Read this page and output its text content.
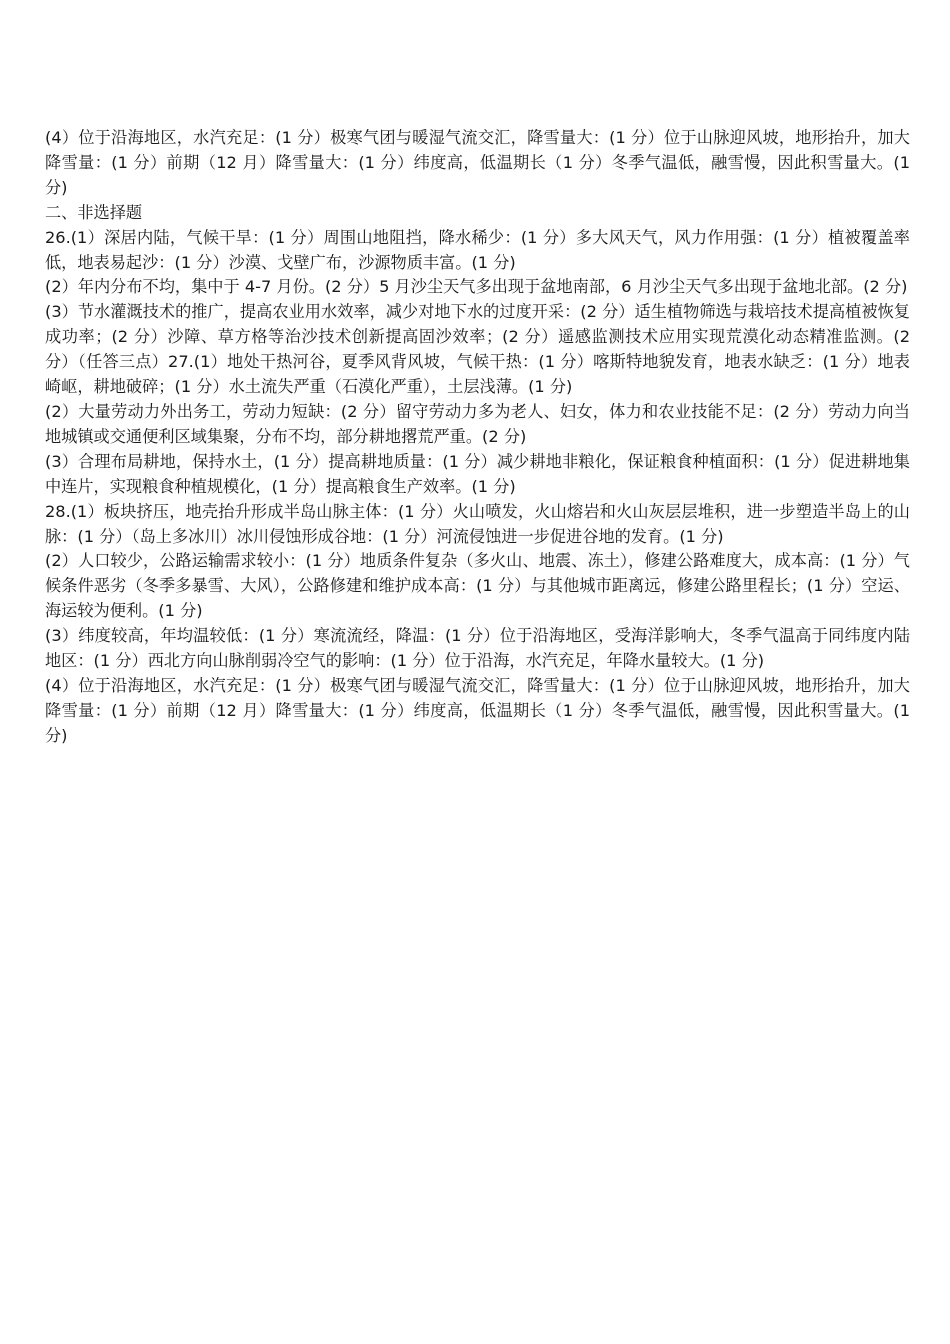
(4）位于沿海地区，水汽充足：(1 分）极寒气团与暖湿气流交汇，降雪量大：(1 分）位于山脉迎风坡，地形抬升，加大降雪量：(1 分）前期（12 月）降雪量大：(1 分）纬度高，低温期长（1 分）冬季气温低，融雪慢，因此积雪量大。(1 分)

二、非选择题

26.(1）深居内陆，气候干旱：(1 分）周围山地阻挡，降水稀少：(1 分）多大风天气，风力作用强：(1 分）植被覆盖率低，地表易起沙：(1 分）沙漠、戈壁广布，沙源物质丰富。(1 分)

(2）年内分布不均，集中于 4-7 月份。(2 分）5 月沙尘天气多出现于盆地南部，6 月沙尘天气多出现于盆地北部。(2 分)

(3）节水灌溉技术的推广，提高农业用水效率，减少对地下水的过度开采：(2 分）适生植物筛选与栽培技术提高植被恢复成功率；(2 分）沙障、草方格等治沙技术创新提高固沙效率；(2 分）遥感监测技术应用实现荒漠化动态精准监测。(2 分）（任答三点）27.(1）地处干热河谷，夏季风背风坡，气候干热：(1 分）喀斯特地貌发育，地表水缺乏：(1 分）地表崎岖，耕地破碎；(1 分）水土流失严重（石漠化严重），土层浅薄。(1 分)

(2）大量劳动力外出务工，劳动力短缺：(2 分）留守劳动力多为老人、妇女，体力和农业技能不足：(2 分）劳动力向当地城镇或交通便利区域集聚，分布不均，部分耕地撂荒严重。(2 分)

(3）合理布局耕地，保持水土，(1 分）提高耕地质量：(1 分）减少耕地非粮化，保证粮食种植面积：(1 分）促进耕地集中连片，实现粮食种植规模化，(1 分）提高粮食生产效率。(1 分)

28.(1）板块挤压，地壳抬升形成半岛山脉主体：(1 分）火山喷发，火山熔岩和火山灰层层堆积，进一步塑造半岛上的山脉：(1 分）（岛上多冰川）冰川侵蚀形成谷地：(1 分）河流侵蚀进一步促进谷地的发育。(1 分)

(2）人口较少，公路运输需求较小：(1 分）地质条件复杂（多火山、地震、冻土），修建公路难度大，成本高：(1 分）气候条件恶劣（冬季多暴雪、大风），公路修建和维护成本高：(1 分）与其他城市距离远，修建公路里程长；(1 分）空运、海运较为便利。(1 分)

(3）纬度较高，年均温较低：(1 分）寒流流经，降温：(1 分）位于沿海地区，受海洋影响大，冬季气温高于同纬度内陆地区：(1 分）西北方向山脉削弱冷空气的影响：(1 分）位于沿海，水汽充足，年降水量较大。(1 分)

(4）位于沿海地区，水汽充足：(1 分）极寒气团与暖湿气流交汇，降雪量大：(1 分）位于山脉迎风坡，地形抬升，加大降雪量：(1 分）前期（12 月）降雪量大：(1 分）纬度高，低温期长（1 分）冬季气温低，融雪慢，因此积雪量大。(1 分)
